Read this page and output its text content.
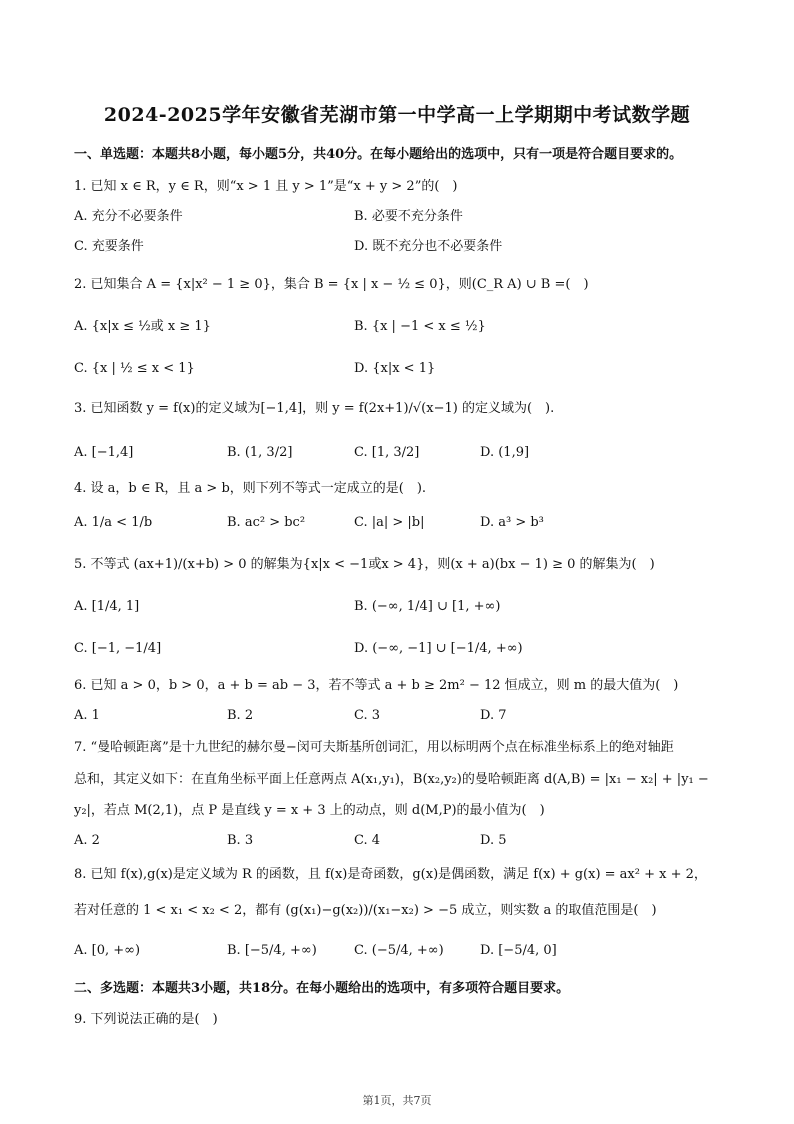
2024-2025学年安徽省芜湖市第一中学高一上学期期中考试数学题
一、单选题：本题共8小题，每小题5分，共40分。在每小题给出的选项中，只有一项是符合题目要求的。
1. 已知 x ∈ R，y ∈ R，则“x > 1 且 y > 1”是“x + y > 2”的(　)
A. 充分不必要条件	B. 必要不充分条件
C. 充要条件	D. 既不充分也不必要条件
2. 已知集合 A = {x|x² − 1 ≥ 0}，集合 B = {x | x − ½ ≤ 0}，则(C_R A) ∪ B =(　)
A. {x|x ≤ ½或 x ≥ 1}	B. {x | −1 < x ≤ ½}
C. {x | ½ ≤ x < 1}	D. {x|x < 1}
3. 已知函数 y = f(x)的定义域为[−1,4]，则 y = f(2x+1)/√(x−1) 的定义域为(　).
A. [−1,4]	B. (1, 3/2]	C. [1, 3/2]	D. (1,9]
4. 设 a，b ∈ R，且 a > b，则下列不等式一定成立的是(　).
A. 1/a < 1/b	B. ac² > bc²	C. |a| > |b|	D. a³ > b³
5. 不等式 (ax+1)/(x+b) > 0 的解集为{x|x < −1或x > 4}，则(x + a)(bx − 1) ≥ 0 的解集为(　)
A. [1/4, 1]	B. (−∞, 1/4] ∪ [1, +∞)
C. [−1, −1/4]	D. (−∞, −1] ∪ [−1/4, +∞)
6. 已知 a > 0，b > 0，a + b = ab − 3，若不等式 a + b ≥ 2m² − 12 恒成立，则 m 的最大值为(　)
A. 1	B. 2	C. 3	D. 7
7. “曼哈顿距离”是十九世纪的赫尔曼−闵可夫斯基所创词汇，用以标明两个点在标准坐标系上的绝对轴距
总和，其定义如下：在直角坐标平面上任意两点 A(x₁,y₁)，B(x₂,y₂)的曼哈顿距离 d(A,B) = |x₁ − x₂| + |y₁ −
y₂|，若点 M(2,1)，点 P 是直线 y = x + 3 上的动点，则 d(M,P)的最小值为(　)
A. 2	B. 3	C. 4	D. 5
8. 已知 f(x),g(x)是定义域为 R 的函数，且 f(x)是奇函数，g(x)是偶函数，满足 f(x) + g(x) = ax² + x + 2，
若对任意的 1 < x₁ < x₂ < 2，都有 (g(x₁)−g(x₂))/(x₁−x₂) > −5 成立，则实数 a 的取值范围是(　)
A. [0, +∞)	B. [−5/4, +∞)	C. (−5/4, +∞)	D. [−5/4, 0]
二、多选题：本题共3小题，共18分。在每小题给出的选项中，有多项符合题目要求。
9. 下列说法正确的是(　)
第1页，共7页
